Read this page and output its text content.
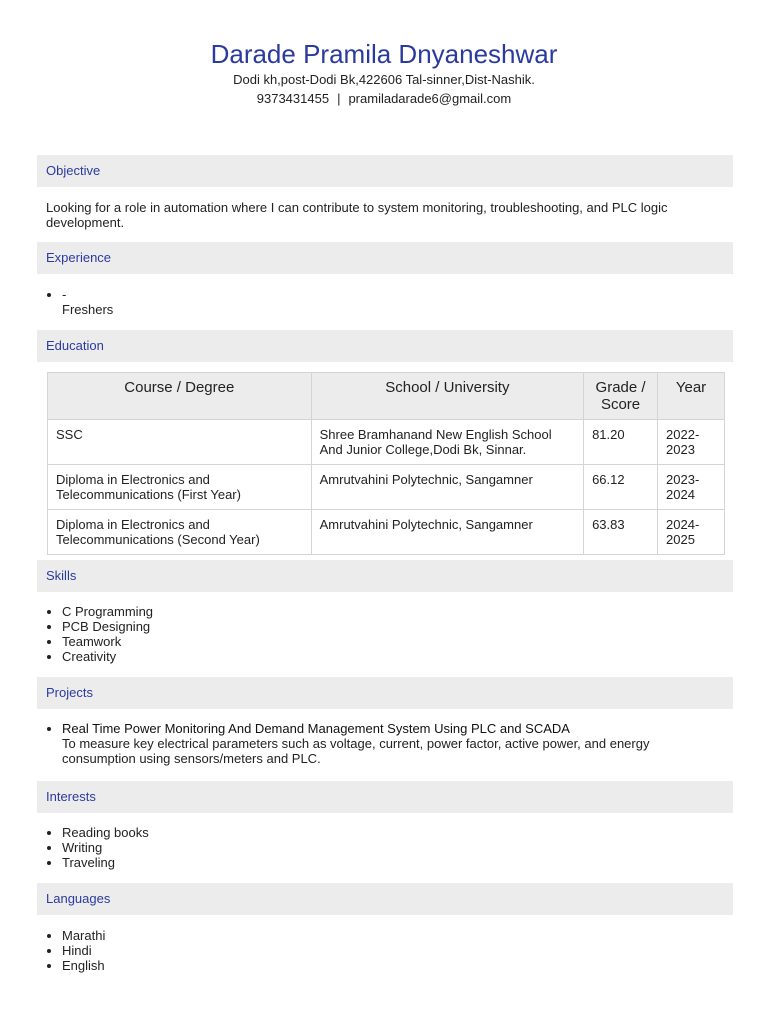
Darade Pramila Dnyaneshwar
Dodi kh,post-Dodi Bk,422606 Tal-sinner,Dist-Nashik.
9373431455 | pramiladarade6@gmail.com
Objective
Looking for a role in automation where I can contribute to system monitoring, troubleshooting, and PLC logic development.
Experience
• -
Freshers
Education
Course / Degree	School / University	Grade / Score	Year
SSC	Shree Bramhanand New English School And Junior College,Dodi Bk, Sinnar.	81.20	2022-2023
Diploma in Electronics and Telecommunications (First Year)	Amrutvahini Polytechnic, Sangamner	66.12	2023-2024
Diploma in Electronics and Telecommunications (Second Year)	Amrutvahini Polytechnic, Sangamner	63.83	2024-2025
Skills
• C Programming
• PCB Designing
• Teamwork
• Creativity
Projects
• Real Time Power Monitoring And Demand Management System Using PLC and SCADA
To measure key electrical parameters such as voltage, current, power factor, active power, and energy consumption using sensors/meters and PLC.
Interests
• Reading books
• Writing
• Traveling
Languages
• Marathi
• Hindi
• English
